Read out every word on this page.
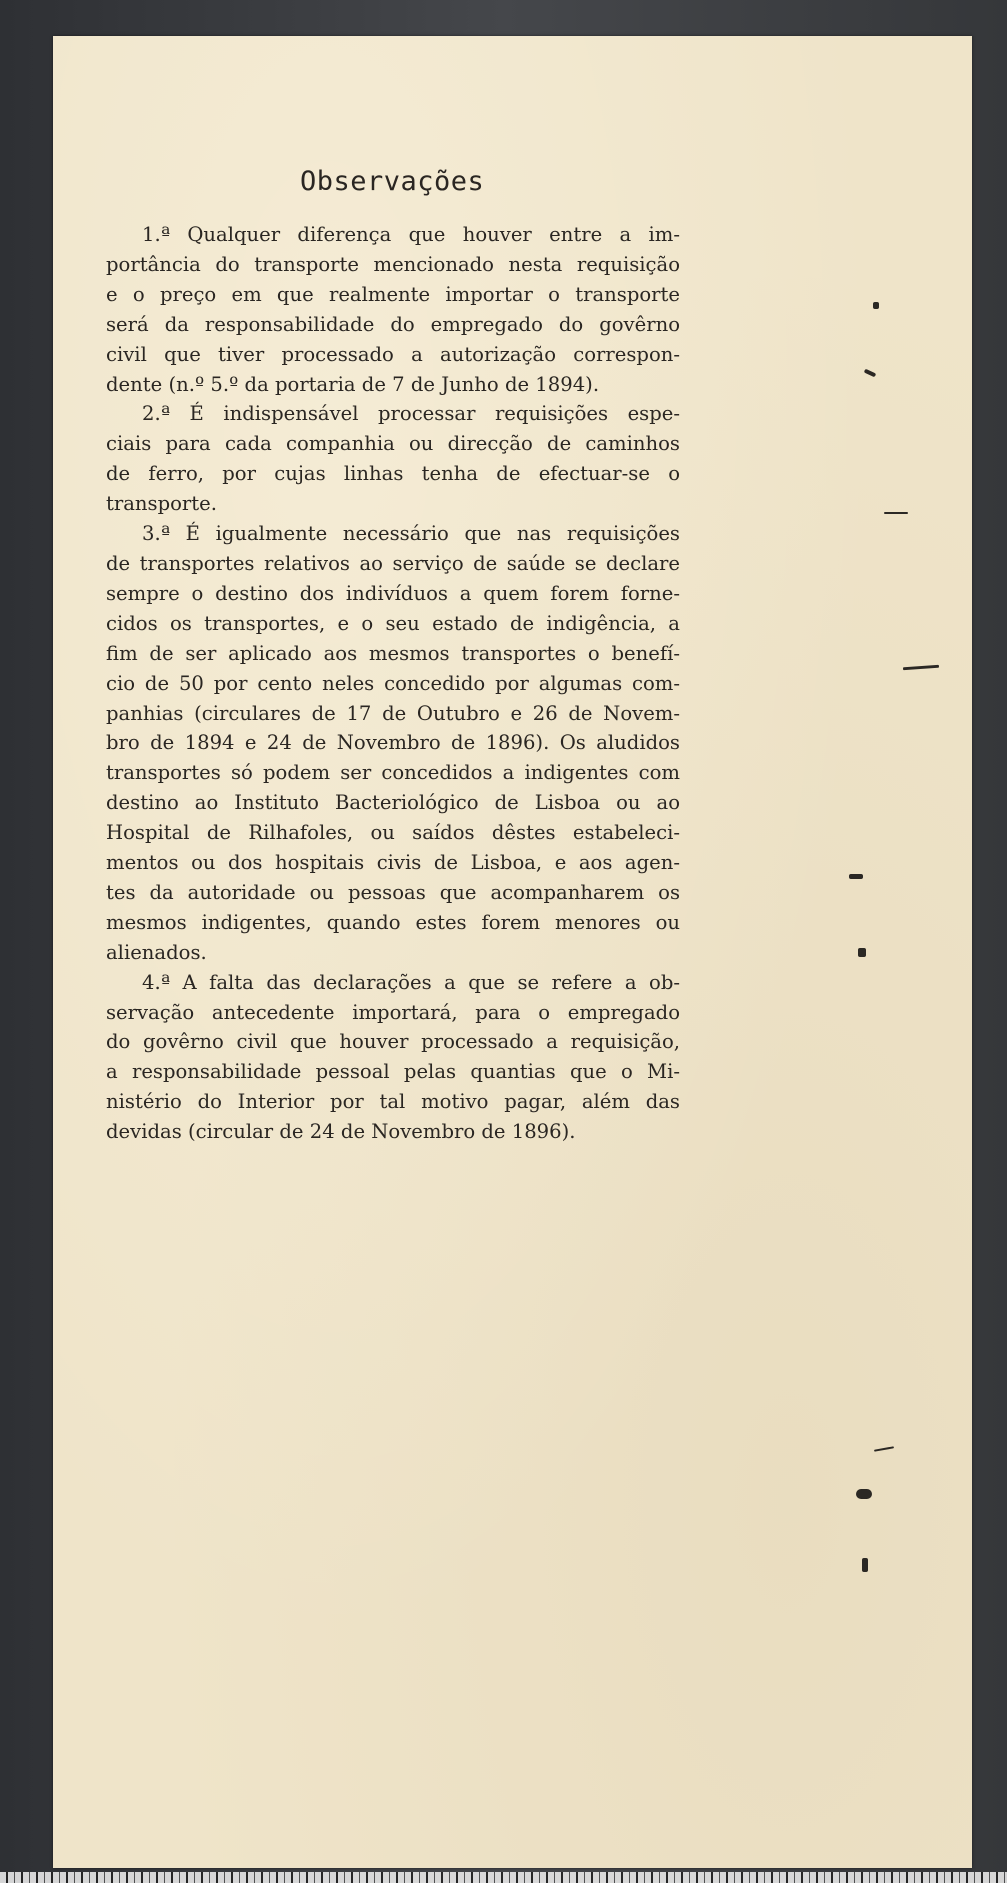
Observações
1.ª Qualquer diferença que houver entre a im-
portância do transporte mencionado nesta requisição
e o preço em que realmente importar o transporte
será da responsabilidade do empregado do govêrno
civil que tiver processado a autorização correspon-
dente (n.º 5.º da portaria de 7 de Junho de 1894).
2.ª É indispensável processar requisições espe-
ciais para cada companhia ou direcção de caminhos
de ferro, por cujas linhas tenha de efectuar-se o
transporte.
3.ª É igualmente necessário que nas requisições
de transportes relativos ao serviço de saúde se declare
sempre o destino dos indivíduos a quem forem forne-
cidos os transportes, e o seu estado de indigência, a
fim de ser aplicado aos mesmos transportes o benefí-
cio de 50 por cento neles concedido por algumas com-
panhias (circulares de 17 de Outubro e 26 de Novem-
bro de 1894 e 24 de Novembro de 1896). Os aludidos
transportes só podem ser concedidos a indigentes com
destino ao Instituto Bacteriológico de Lisboa ou ao
Hospital de Rilhafoles, ou saídos dêstes estabeleci-
mentos ou dos hospitais civis de Lisboa, e aos agen-
tes da autoridade ou pessoas que acompanharem os
mesmos indigentes, quando estes forem menores ou
alienados.
4.ª A falta das declarações a que se refere a ob-
servação antecedente importará, para o empregado
do govêrno civil que houver processado a requisição,
a responsabilidade pessoal pelas quantias que o Mi-
nistério do Interior por tal motivo pagar, além das
devidas (circular de 24 de Novembro de 1896).
